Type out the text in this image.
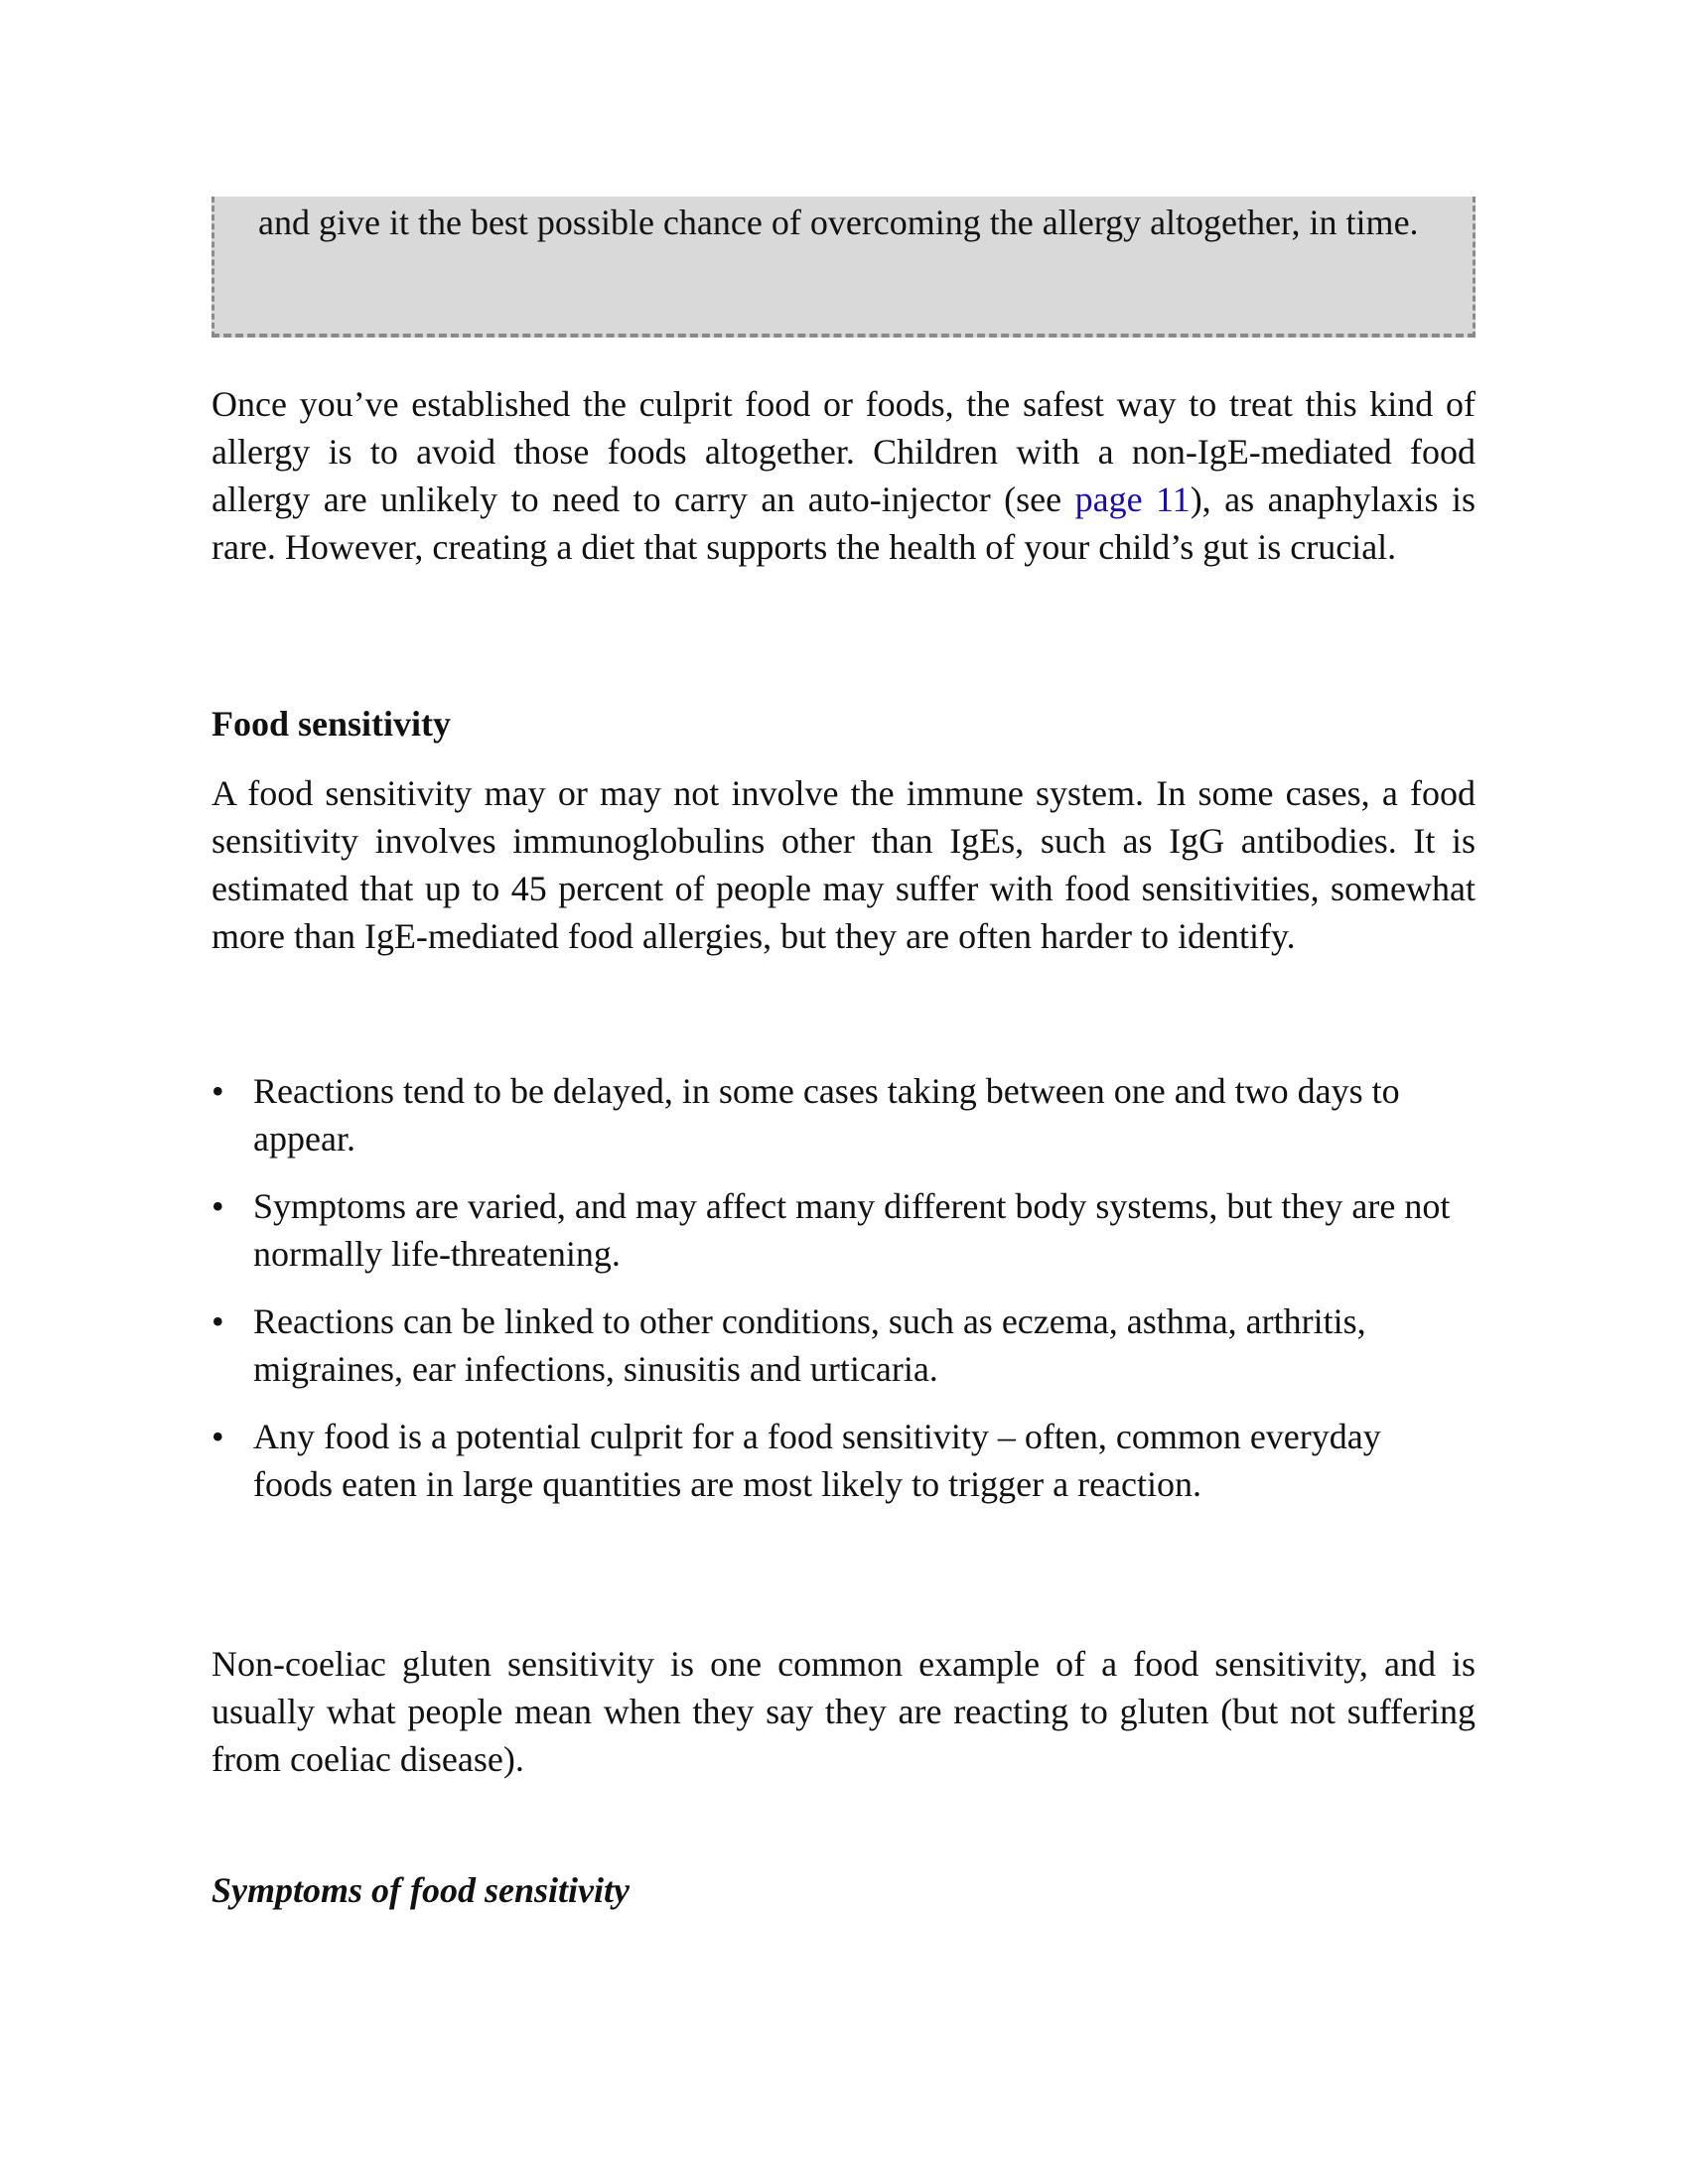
and give it the best possible chance of overcoming the allergy altogether, in time.

Once you’ve established the culprit food or foods, the safest way to treat this kind of allergy is to avoid those foods altogether. Children with a non-IgE-mediated food allergy are unlikely to need to carry an auto-injector (see page 11), as anaphylaxis is rare. However, creating a diet that supports the health of your child’s gut is crucial.

Food sensitivity

A food sensitivity may or may not involve the immune system. In some cases, a food sensitivity involves immunoglobulins other than IgEs, such as IgG antibodies. It is estimated that up to 45 percent of people may suffer with food sensitivities, somewhat more than IgE-mediated food allergies, but they are often harder to identify.

• Reactions tend to be delayed, in some cases taking between one and two days to appear.
• Symptoms are varied, and may affect many different body systems, but they are not normally life-threatening.
• Reactions can be linked to other conditions, such as eczema, asthma, arthritis, migraines, ear infections, sinusitis and urticaria.
• Any food is a potential culprit for a food sensitivity – often, common everyday foods eaten in large quantities are most likely to trigger a reaction.

Non-coeliac gluten sensitivity is one common example of a food sensitivity, and is usually what people mean when they say they are reacting to gluten (but not suffering from coeliac disease).

Symptoms of food sensitivity
